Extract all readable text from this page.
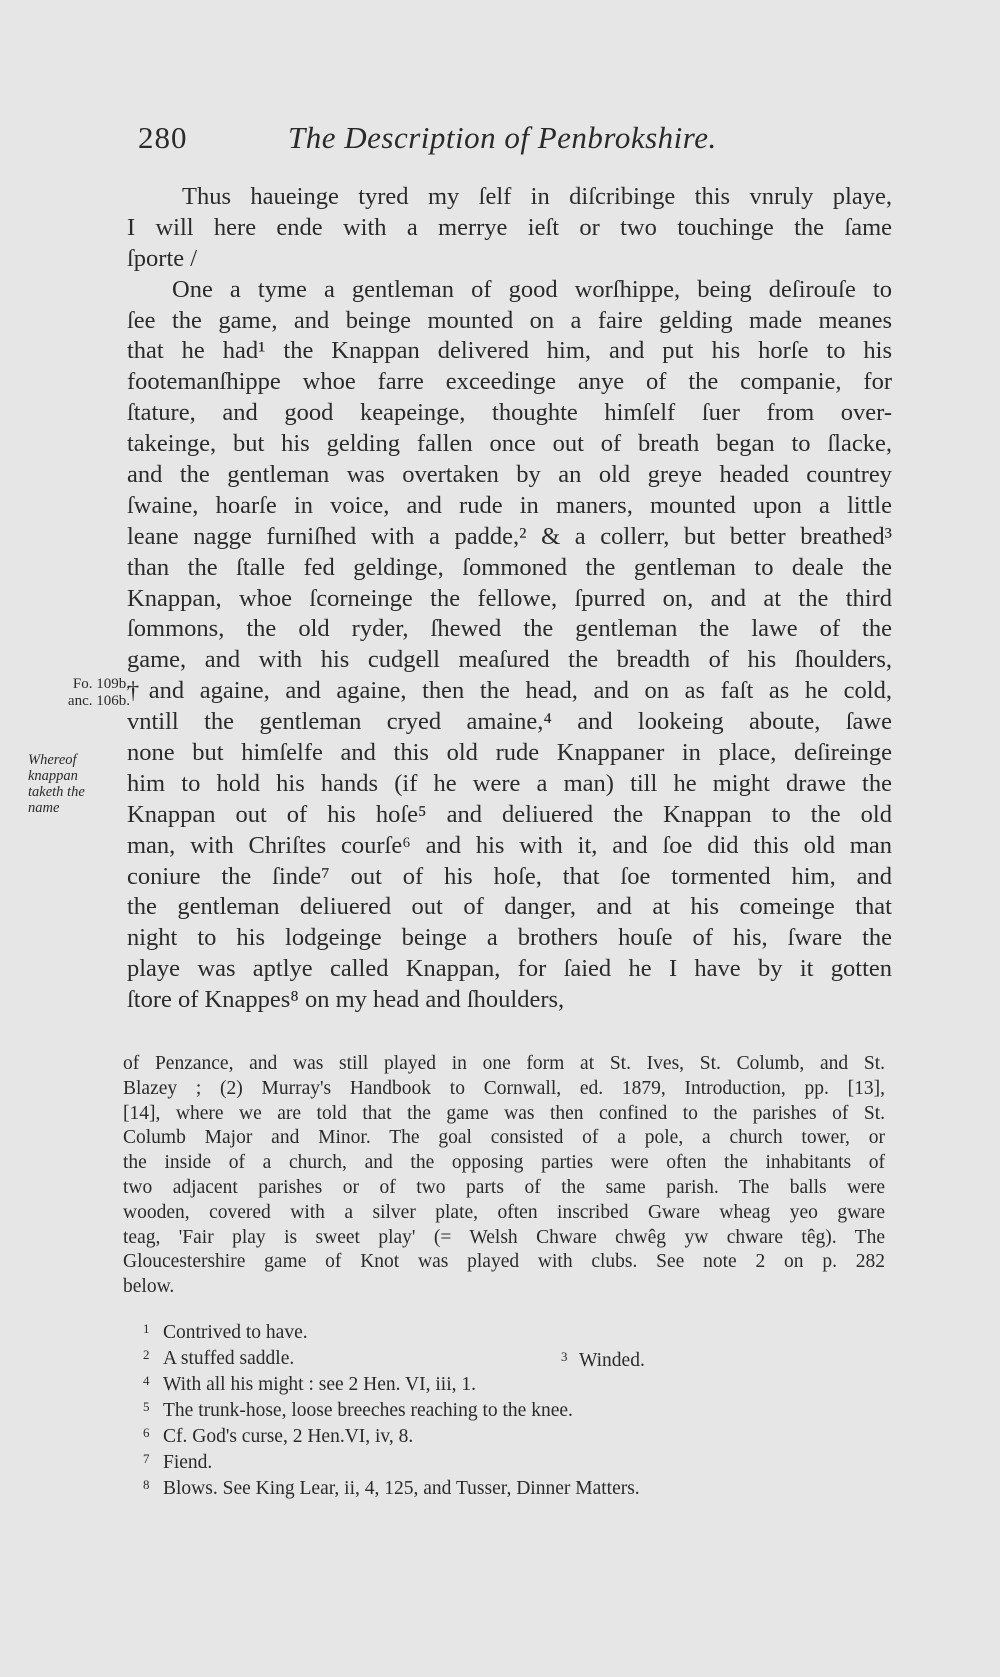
280	The Description of Penbrokshire.
Fo. 109b,
anc. 106b.
Whereof
knappan
taketh the
name
Thus haueinge tyred my ſelf in diſcribinge this vnruly playe,
I will here ende with a merrye ieſt or two touchinge the ſame
ſporte /
One a tyme a gentleman of good worſhippe, being deſirouſe to
ſee the game, and beinge mounted on a faire gelding made meanes
that he had¹ the Knappan delivered him, and put his horſe to his
footemanſhippe whoe farre exceedinge anye of the companie, for
ſtature, and good keapeinge, thoughte himſelf ſuer from over-
takeinge, but his gelding fallen once out of breath began to ſlacke,
and the gentleman was overtaken by an old greye headed countrey
ſwaine, hoarſe in voice, and rude in maners, mounted upon a little
leane nagge furniſhed with a padde,² & a collerr, but better breathed³
than the ſtalle fed geldinge, ſommoned the gentleman to deale the
Knappan, whoe ſcorneinge the fellowe, ſpurred on, and at the third
ſommons, the old ryder, ſhewed the gentleman the lawe of the
game, and with his cudgell meaſured the breadth of his ſhoulders,
†and againe, and againe, then the head, and on as faſt as he cold,
vntill the gentleman cryed amaine,⁴ and lookeing aboute, ſawe
none but himſelfe and this old rude Knappaner in place, deſireinge
him to hold his hands (if he were a man) till he might drawe the
Knappan out of his hoſe⁵ and deliuered the Knappan to the old
man, with Chriſtes courſe⁶ and his with it, and ſoe did this old man
coniure the ſinde⁷ out of his hoſe, that ſoe tormented him, and
the gentleman deliuered out of danger, and at his comeinge that
night to his lodgeinge beinge a brothers houſe of his, ſware the
playe was aptlye called Knappan, for ſaied he I have by it gotten
ſtore of Knappes⁸ on my head and ſhoulders,
of Penzance, and was still played in one form at St. Ives, St. Columb, and St.
Blazey ; (2) Murray's Handbook to Cornwall, ed. 1879, Introduction, pp. [13],
[14], where we are told that the game was then confined to the parishes of St.
Columb Major and Minor. The goal consisted of a pole, a church tower, or
the inside of a church, and the opposing parties were often the inhabitants of
two adjacent parishes or of two parts of the same parish. The balls were
wooden, covered with a silver plate, often inscribed Gware wheag yeo gware
teag, 'Fair play is sweet play' (= Welsh Chware chwêg yw chware têg). The
Gloucestershire game of Knot was played with clubs. See note 2 on p. 282
below.
1 Contrived to have.
2 A stuffed saddle.	3 Winded.
4 With all his might : see 2 Hen. VI, iii, 1.
5 The trunk-hose, loose breeches reaching to the knee.
6 Cf. God's curse, 2 Hen.VI, iv, 8.
7 Fiend.
8 Blows. See King Lear, ii, 4, 125, and Tusser, Dinner Matters.
